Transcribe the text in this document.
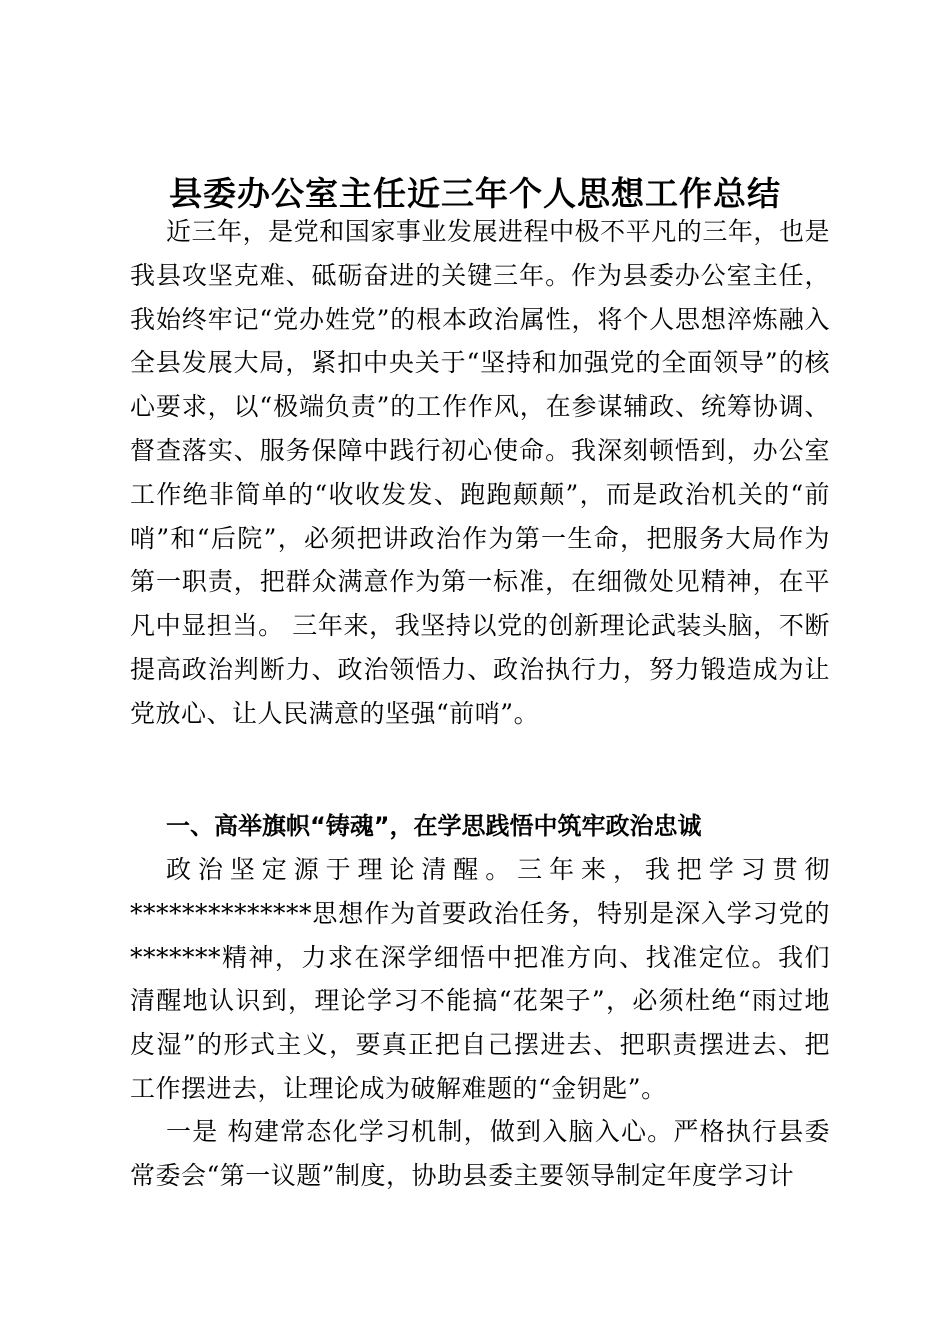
县委办公室主任近三年个人思想工作总结

近三年，是党和国家事业发展进程中极不平凡的三年，也是我县攻坚克难、砥砺奋进的关键三年。作为县委办公室主任，我始终牢记“党办姓党”的根本政治属性，将个人思想淬炼融入全县发展大局，紧扣中央关于“坚持和加强党的全面领导”的核心要求，以“极端负责”的工作作风，在参谋辅政、统筹协调、督查落实、服务保障中践行初心使命。我深刻顿悟到，办公室工作绝非简单的“收收发发、跑跑颠颠”，而是政治机关的“前哨”和“后院”，必须把讲政治作为第一生命，把服务大局作为第一职责，把群众满意作为第一标准，在细微处见精神，在平凡中显担当。 三年来，我坚持以党的创新理论武装头脑，不断提高政治判断力、政治领悟力、政治执行力，努力锻造成为让党放心、让人民满意的坚强“前哨”。

一、高举旗帜“铸魂”，在学思践悟中筑牢政治忠诚

政治坚定源于理论清醒。三年来，我把学习贯彻**************思想作为首要政治任务，特别是深入学习党的*******精神，力求在深学细悟中把准方向、找准定位。我们清醒地认识到，理论学习不能搞“花架子”，必须杜绝“雨过地皮湿”的形式主义，要真正把自己摆进去、把职责摆进去、把工作摆进去，让理论成为破解难题的“金钥匙”。

一是 构建常态化学习机制，做到入脑入心。严格执行县委常委会“第一议题”制度，协助县委主要领导制定年度学习计
